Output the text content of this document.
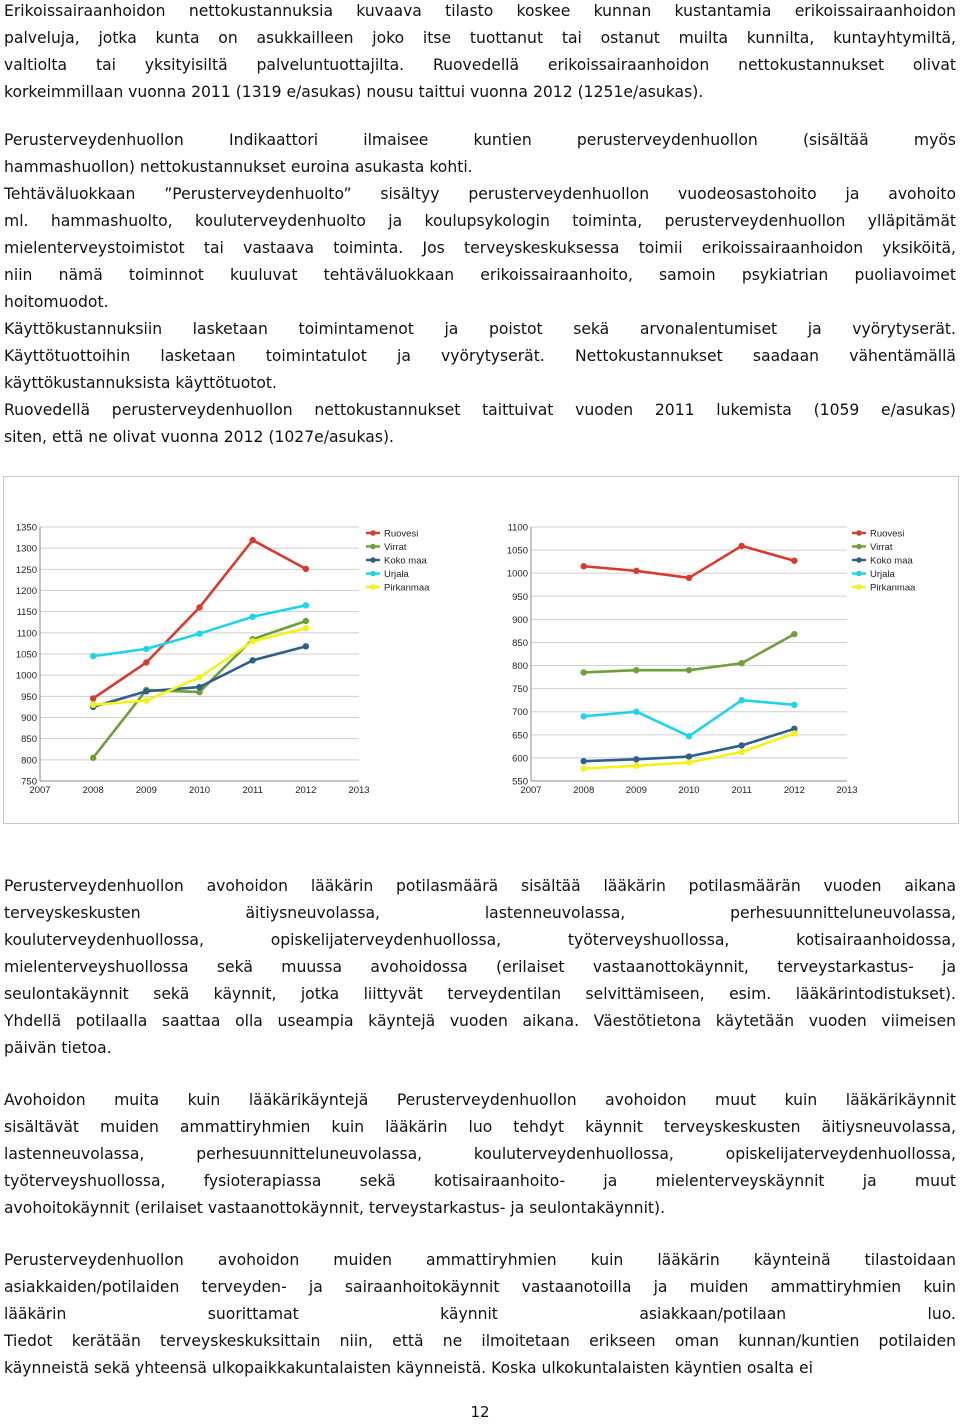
Erikoissairaanhoidon nettokustannuksia kuvaava tilasto koskee kunnan kustantamia erikoissairaanhoidon
palveluja, jotka kunta on asukkailleen joko itse tuottanut tai ostanut muilta kunnilta, kuntayhtymiltä,
valtiolta tai yksityisiltä palveluntuottajilta. Ruovedellä erikoissairaanhoidon nettokustannukset olivat
korkeimmillaan vuonna 2011 (1319 e/asukas) nousu taittui vuonna 2012 (1251e/asukas).
Perusterveydenhuollon Indikaattori ilmaisee kuntien perusterveydenhuollon (sisältää myös
hammashuollon) nettokustannukset euroina asukasta kohti.
Tehtäväluokkaan ”Perusterveydenhuolto” sisältyy perusterveydenhuollon vuodeosastohoito ja avohoito
ml. hammashuolto, kouluterveydenhuolto ja koulupsykologin toiminta, perusterveydenhuollon ylläpitämät
mielenterveystoimistot tai vastaava toiminta. Jos terveyskeskuksessa toimii erikoissairaanhoidon yksiköitä,
niin nämä toiminnot kuuluvat tehtäväluokkaan erikoissairaanhoito, samoin psykiatrian puoliavoimet
hoitomuodot.
Käyttökustannuksiin lasketaan toimintamenot ja poistot sekä arvonalentumiset ja vyörytyserät.
Käyttötuottoihin lasketaan toimintatulot ja vyörytyserät. Nettokustannukset saadaan vähentämällä
käyttökustannuksista käyttötuotot.
Ruovedellä perusterveydenhuollon nettokustannukset taittuivat vuoden 2011 lukemista (1059 e/asukas)
siten, että ne olivat vuonna 2012 (1027e/asukas).
750
800
850
900
950
1000
1050
1100
1150
1200
1250
1300
1350
2007	2008	2009	2010	2011	2012	2013
Ruovesi
Virrat
Koko maa
Urjala
Pirkanmaa
550
600
650
700
750
800
850
900
950
1000
1050
1100
2007	2008	2009	2010	2011	2012	2013
Ruovesi
Virrat
Koko maa
Urjala
Pirkanmaa
Perusterveydenhuollon avohoidon lääkärin potilasmäärä sisältää lääkärin potilasmäärän vuoden aikana
terveyskeskusten äitiysneuvolassa, lastenneuvolassa, perhesuunnitteluneuvolassa,
kouluterveydenhuollossa, opiskelijaterveydenhuollossa, työterveyshuollossa, kotisairaanhoidossa,
mielenterveyshuollossa sekä muussa avohoidossa (erilaiset vastaanottokäynnit, terveystarkastus- ja
seulontakäynnit sekä käynnit, jotka liittyvät terveydentilan selvittämiseen, esim. lääkärintodistukset).
Yhdellä potilaalla saattaa olla useampia käyntejä vuoden aikana. Väestötietona käytetään vuoden viimeisen
päivän tietoa.
Avohoidon muita kuin lääkärikäyntejä Perusterveydenhuollon avohoidon muut kuin lääkärikäynnit
sisältävät muiden ammattiryhmien kuin lääkärin luo tehdyt käynnit terveyskeskusten äitiysneuvolassa,
lastenneuvolassa, perhesuunnitteluneuvolassa, kouluterveydenhuollossa, opiskelijaterveydenhuollossa,
työterveyshuollossa, fysioterapiassa sekä kotisairaanhoito- ja mielenterveyskäynnit ja muut
avohoitokäynnit (erilaiset vastaanottokäynnit, terveystarkastus- ja seulontakäynnit).
Perusterveydenhuollon avohoidon muiden ammattiryhmien kuin lääkärin käynteinä tilastoidaan
asiakkaiden/potilaiden terveyden- ja sairaanhoitokäynnit vastaanotoilla ja muiden ammattiryhmien kuin
lääkärin suorittamat käynnit asiakkaan/potilaan luo.
Tiedot kerätään terveyskeskuksittain niin, että ne ilmoitetaan erikseen oman kunnan/kuntien potilaiden
käynneistä sekä yhteensä ulkopaikkakuntalaisten käynneistä. Koska ulkokuntalaisten käyntien osalta ei
12
